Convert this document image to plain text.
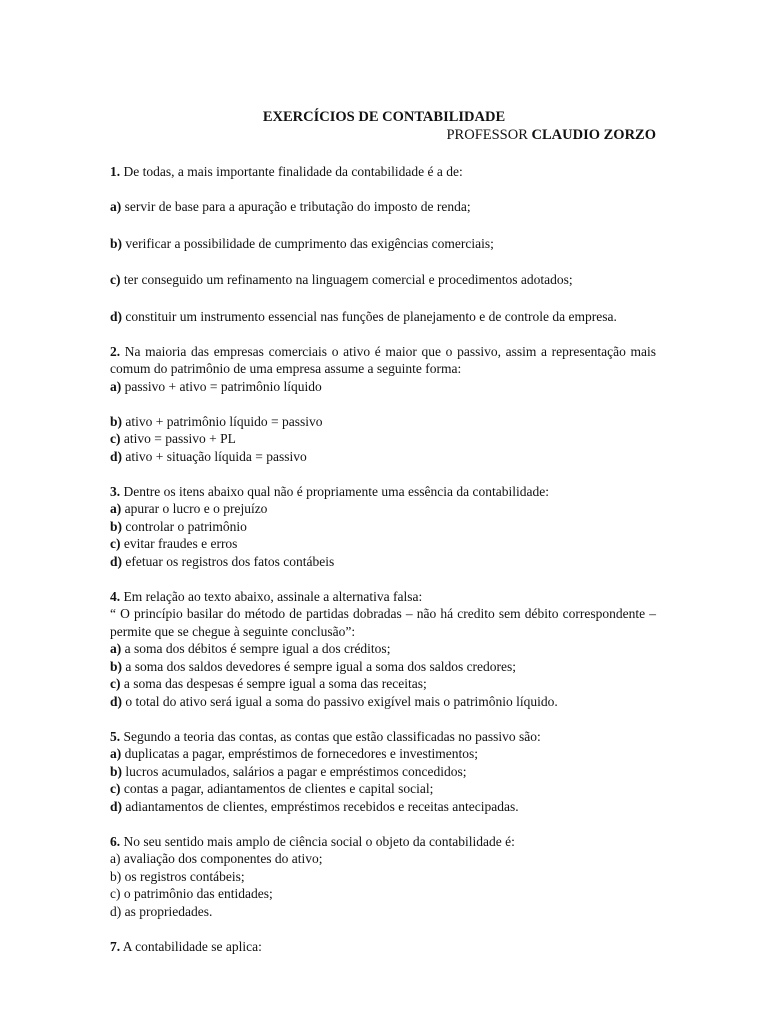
EXERCÍCIOS DE CONTABILIDADE
PROFESSOR CLAUDIO ZORZO

1. De todas, a mais importante finalidade da contabilidade é a de:

a) servir de base para a apuração e tributação do imposto de renda;

b) verificar a possibilidade de cumprimento das exigências comerciais;

c) ter conseguido um refinamento na linguagem comercial e procedimentos adotados;

d) constituir um instrumento essencial nas funções de planejamento e de controle da empresa.

2. Na maioria das empresas comerciais o ativo é maior que o passivo, assim a representação mais comum do patrimônio de uma empresa assume a seguinte forma:

a) passivo + ativo = patrimônio líquido

b) ativo + patrimônio líquido = passivo

c) ativo = passivo + PL

d) ativo + situação líquida = passivo

3. Dentre os itens abaixo qual não é propriamente uma essência da contabilidade:

a) apurar o lucro e o prejuízo

b) controlar o patrimônio

c) evitar fraudes e erros

d) efetuar os registros dos fatos contábeis

4. Em relação ao texto abaixo, assinale a alternativa falsa:

“ O princípio basilar do método de partidas dobradas – não há credito sem débito correspondente – permite que se chegue à seguinte conclusão”:

a) a soma dos débitos é sempre igual a dos créditos;

b) a soma dos saldos devedores é sempre igual a soma dos saldos credores;

c) a soma das despesas é sempre igual a soma das receitas;

d) o total do ativo será igual a soma do passivo exigível mais o patrimônio líquido.

5. Segundo a teoria das contas, as contas que estão classificadas no passivo são:

a) duplicatas a pagar, empréstimos de fornecedores e investimentos;

b) lucros acumulados, salários a pagar e empréstimos concedidos;

c) contas a pagar, adiantamentos de clientes e capital social;

d) adiantamentos de clientes, empréstimos recebidos e receitas antecipadas.

6. No seu sentido mais amplo de ciência social o objeto da contabilidade é:

a) avaliação dos componentes do ativo;

b) os registros contábeis;

c) o patrimônio das entidades;

d) as propriedades.

7. A contabilidade se aplica:
